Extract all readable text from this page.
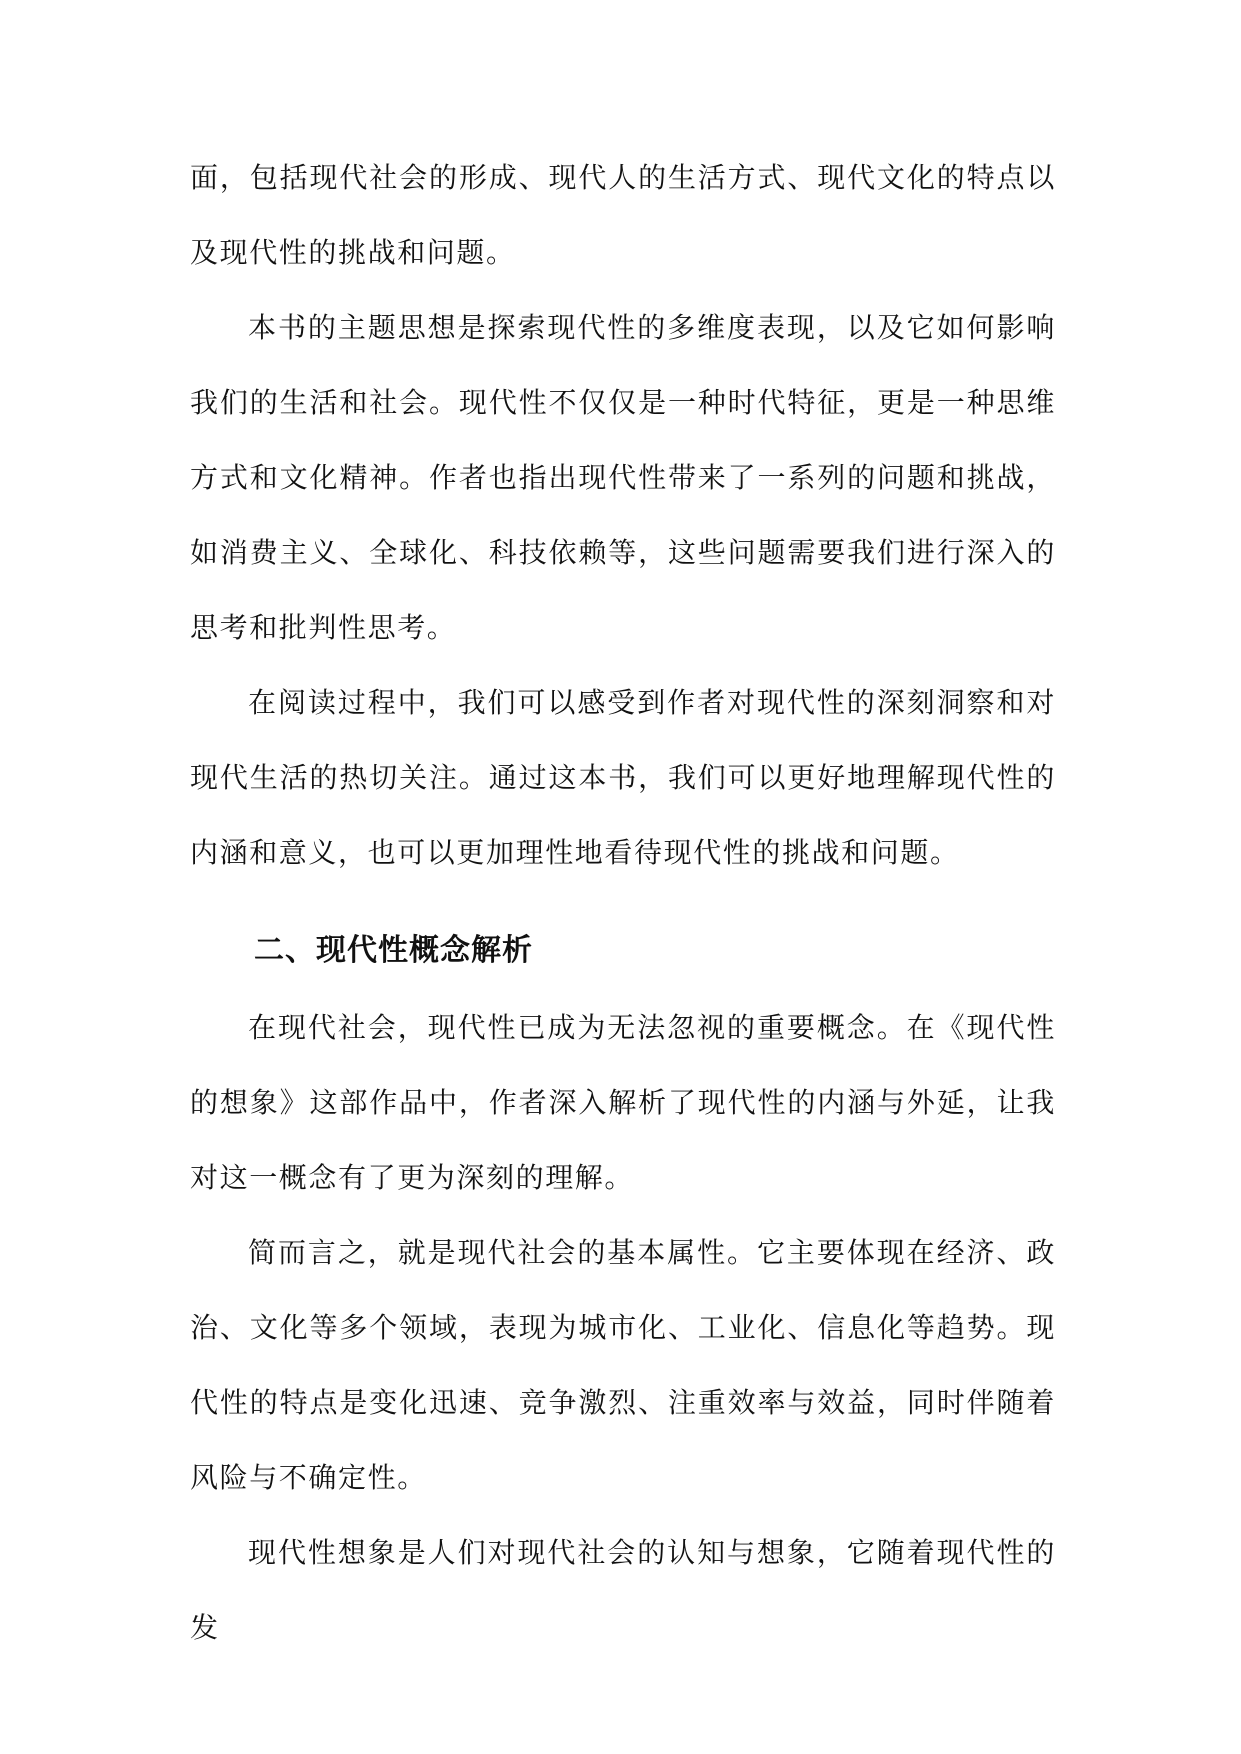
面，包括现代社会的形成、现代人的生活方式、现代文化的特点以及现代性的挑战和问题。

本书的主题思想是探索现代性的多维度表现，以及它如何影响我们的生活和社会。现代性不仅仅是一种时代特征，更是一种思维方式和文化精神。作者也指出现代性带来了一系列的问题和挑战，如消费主义、全球化、科技依赖等，这些问题需要我们进行深入的思考和批判性思考。

在阅读过程中，我们可以感受到作者对现代性的深刻洞察和对现代生活的热切关注。通过这本书，我们可以更好地理解现代性的内涵和意义，也可以更加理性地看待现代性的挑战和问题。

二、现代性概念解析

在现代社会，现代性已成为无法忽视的重要概念。在《现代性的想象》这部作品中，作者深入解析了现代性的内涵与外延，让我对这一概念有了更为深刻的理解。

简而言之，就是现代社会的基本属性。它主要体现在经济、政治、文化等多个领域，表现为城市化、工业化、信息化等趋势。现代性的特点是变化迅速、竞争激烈、注重效率与效益，同时伴随着风险与不确定性。

现代性想象是人们对现代社会的认知与想象，它随着现代性的发
